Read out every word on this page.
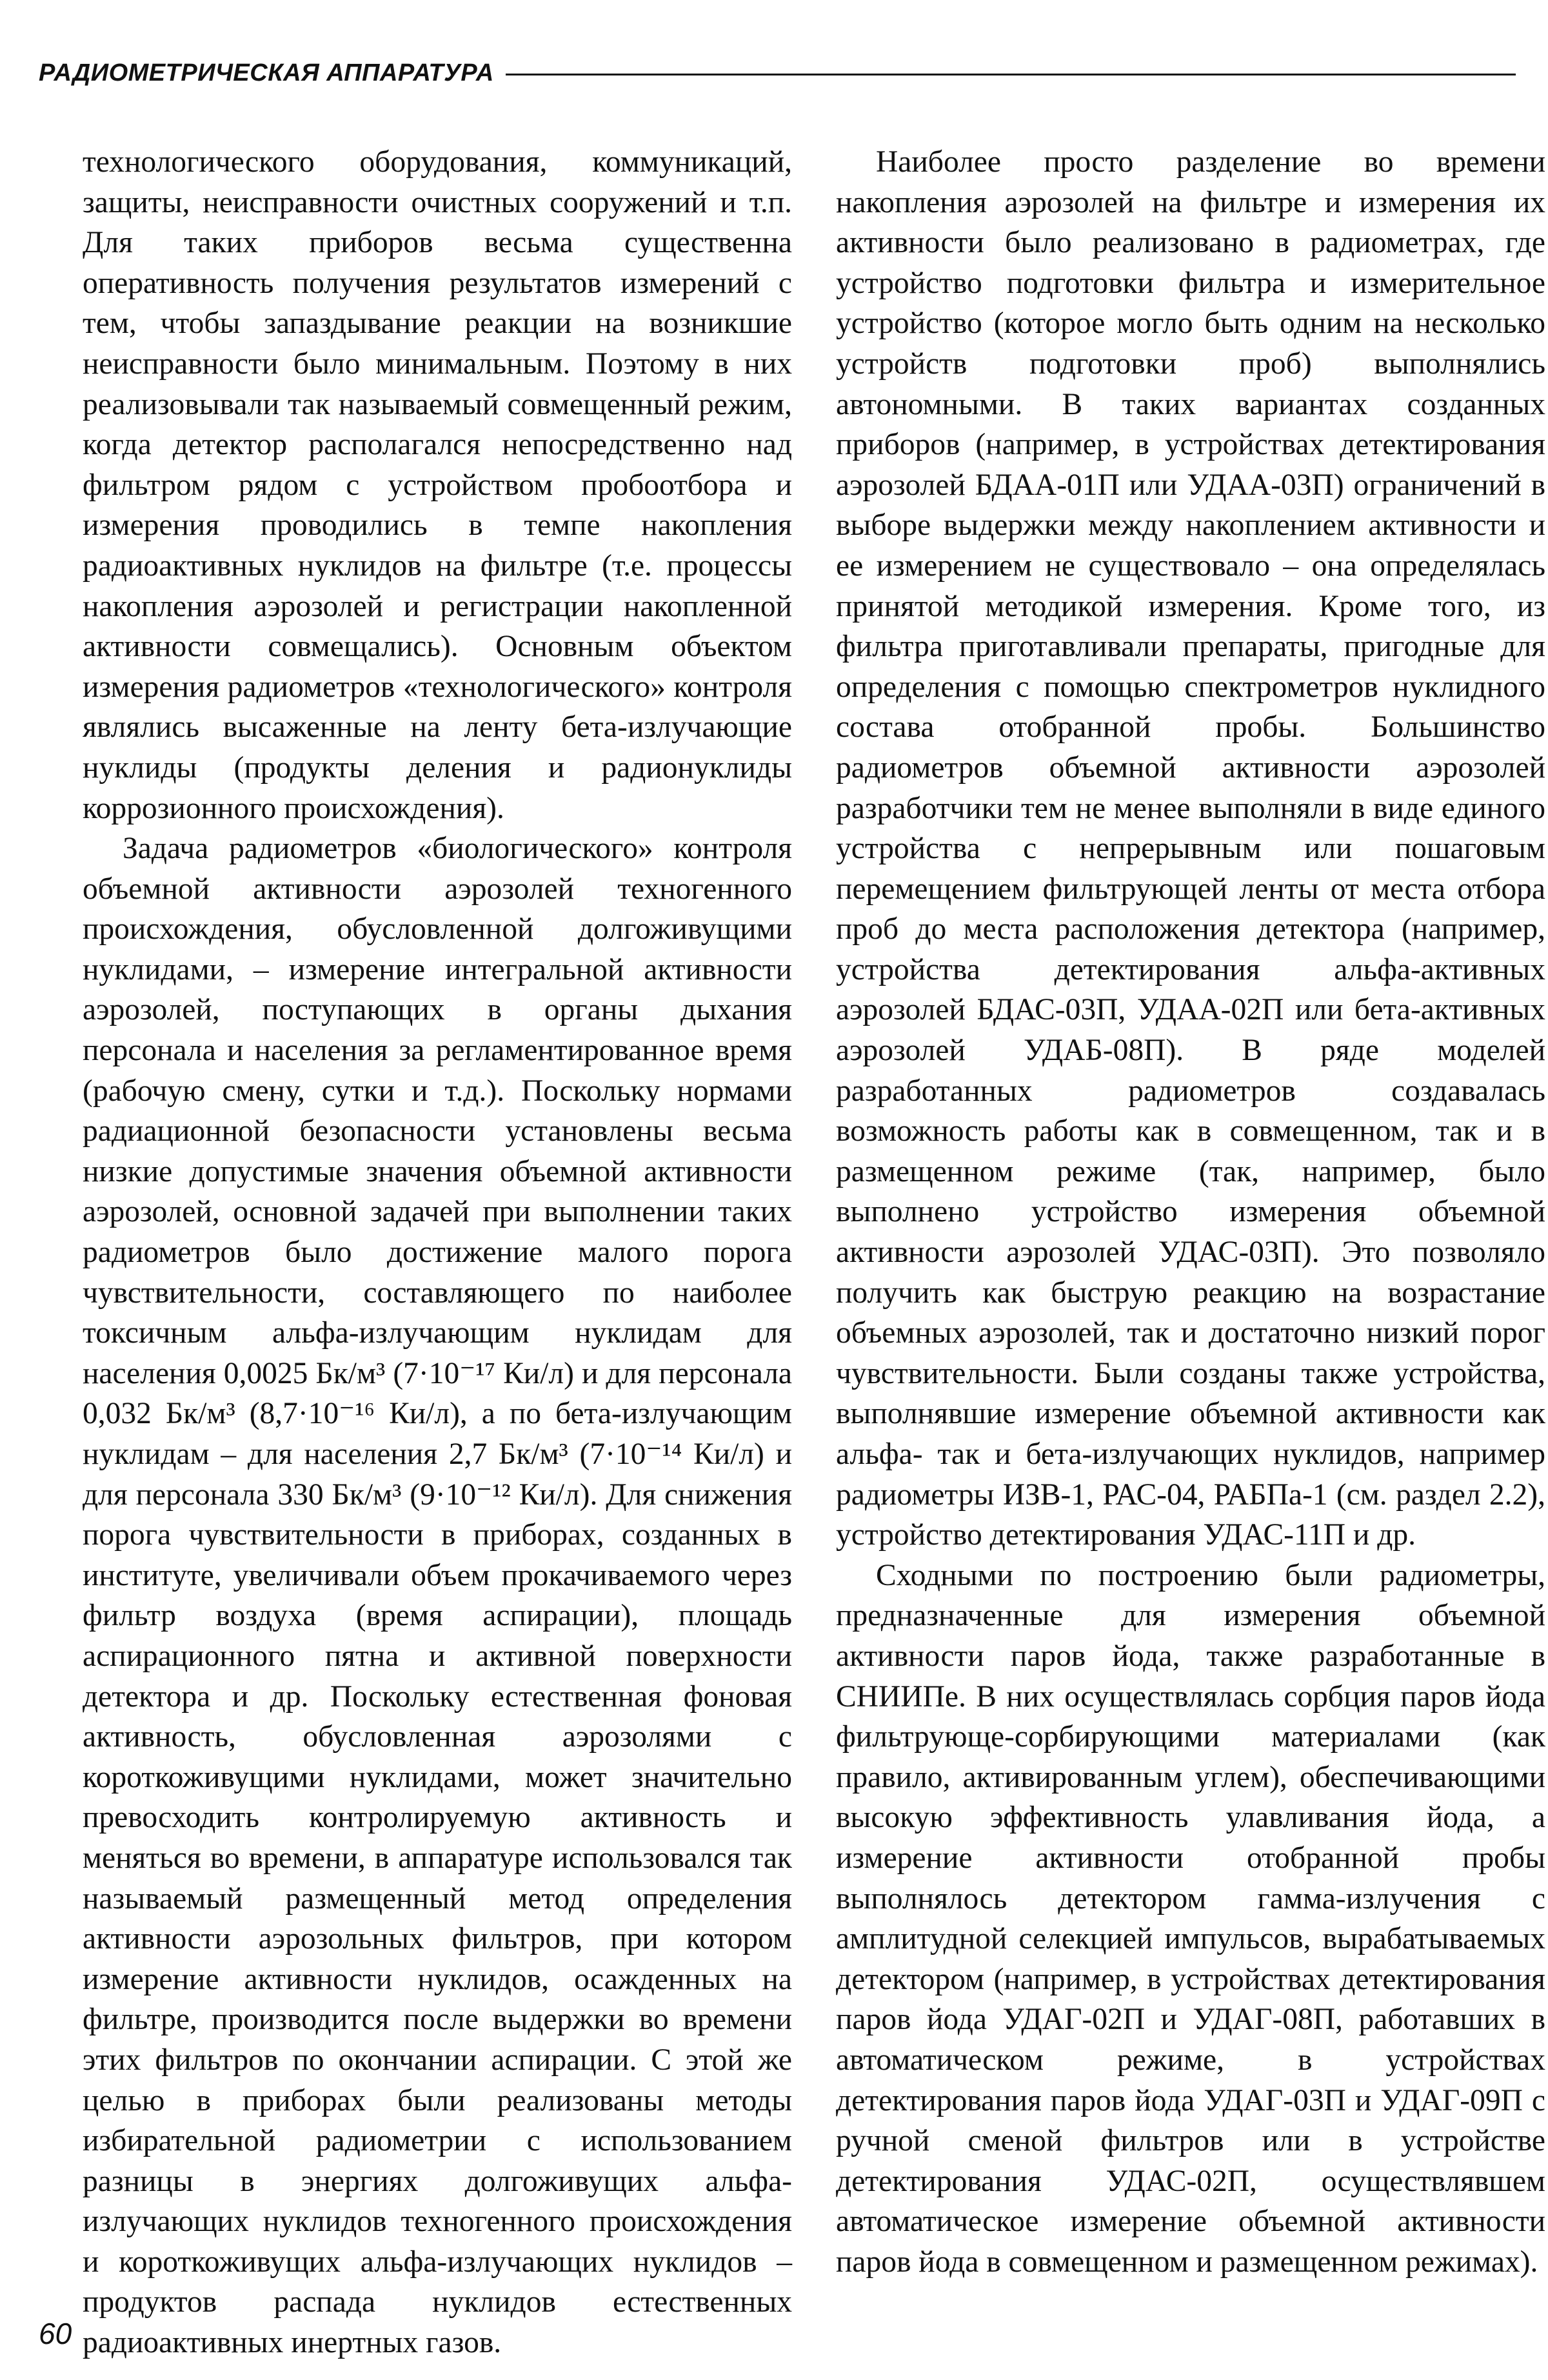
РАДИОМЕТРИЧЕСКАЯ АППАРАТУРА

технологического оборудования, коммуникаций, защиты, неисправности очистных сооружений и т.п. Для таких приборов весьма существенна оперативность получения результатов измерений с тем, чтобы запаздывание реакции на возникшие неисправности было минимальным. Поэтому в них реализовывали так называемый совмещенный режим, когда детектор располагался непосредственно над фильтром рядом с устройством пробоотбора и измерения проводились в темпе накопления радиоактивных нуклидов на фильтре (т.е. процессы накопления аэрозолей и регистрации накопленной активности совмещались). Основным объектом измерения радиометров «технологического» контроля являлись высаженные на ленту бета-излучающие нуклиды (продукты деления и радионуклиды коррозионного происхождения).

Задача радиометров «биологического» контроля объемной активности аэрозолей техногенного происхождения, обусловленной долгоживущими нуклидами, – измерение интегральной активности аэрозолей, поступающих в органы дыхания персонала и населения за регламентированное время (рабочую смену, сутки и т.д.). Поскольку нормами радиационной безопасности установлены весьма низкие допустимые значения объемной активности аэрозолей, основной задачей при выполнении таких радиометров было достижение малого порога чувствительности, составляющего по наиболее токсичным альфа-излучающим нуклидам для населения 0,0025 Бк/м³ (7·10⁻¹⁷ Ки/л) и для персонала 0,032 Бк/м³ (8,7·10⁻¹⁶ Ки/л), а по бета-излучающим нуклидам – для населения 2,7 Бк/м³ (7·10⁻¹⁴ Ки/л) и для персонала 330 Бк/м³ (9·10⁻¹² Ки/л). Для снижения порога чувствительности в приборах, созданных в институте, увеличивали объем прокачиваемого через фильтр воздуха (время аспирации), площадь аспирационного пятна и активной поверхности детектора и др. Поскольку естественная фоновая активность, обусловленная аэрозолями с короткоживущими нуклидами, может значительно превосходить контролируемую активность и меняться во времени, в аппаратуре использовался так называемый размещенный метод определения активности аэрозольных фильтров, при котором измерение активности нуклидов, осажденных на фильтре, производится после выдержки во времени этих фильтров по окончании аспирации. С этой же целью в приборах были реализованы методы избирательной радиометрии с использованием разницы в энергиях долгоживущих альфа-излучающих нуклидов техногенного происхождения и короткоживущих альфа-излучающих нуклидов – продуктов распада нуклидов естественных радиоактивных инертных газов.

Наиболее просто разделение во времени накопления аэрозолей на фильтре и измерения их активности было реализовано в радиометрах, где устройство подготовки фильтра и измерительное устройство (которое могло быть одним на несколько устройств подготовки проб) выполнялись автономными. В таких вариантах созданных приборов (например, в устройствах детектирования аэрозолей БДАА-01П или УДАА-03П) ограничений в выборе выдержки между накоплением активности и ее измерением не существовало – она определялась принятой методикой измерения. Кроме того, из фильтра приготавливали препараты, пригодные для определения с помощью спектрометров нуклидного состава отобранной пробы. Большинство радиометров объемной активности аэрозолей разработчики тем не менее выполняли в виде единого устройства с непрерывным или пошаговым перемещением фильтрующей ленты от места отбора проб до места расположения детектора (например, устройства детектирования альфа-активных аэрозолей БДАС-03П, УДАА-02П или бета-активных аэрозолей УДАБ-08П). В ряде моделей разработанных радиометров создавалась возможность работы как в совмещенном, так и в размещенном режиме (так, например, было выполнено устройство измерения объемной активности аэрозолей УДАС-03П). Это позволяло получить как быструю реакцию на возрастание объемных аэрозолей, так и достаточно низкий порог чувствительности. Были созданы также устройства, выполнявшие измерение объемной активности как альфа- так и бета-излучающих нуклидов, например радиометры ИЗВ-1, РАС-04, РАБПа-1 (см. раздел 2.2), устройство детектирования УДАС-11П и др.

Сходными по построению были радиометры, предназначенные для измерения объемной активности паров йода, также разработанные в СНИИПе. В них осуществлялась сорбция паров йода фильтрующе-сорбирующими материалами (как правило, активированным углем), обеспечивающими высокую эффективность улавливания йода, а измерение активности отобранной пробы выполнялось детектором гамма-излучения с амплитудной селекцией импульсов, вырабатываемых детектором (например, в устройствах детектирования паров йода УДАГ-02П и УДАГ-08П, работавших в автоматическом режиме, в устройствах детектирования паров йода УДАГ-03П и УДАГ-09П с ручной сменой фильтров или в устройстве детектирования УДАС-02П, осуществлявшем автоматическое измерение объемной активности паров йода в совмещенном и размещенном режимах).

60
